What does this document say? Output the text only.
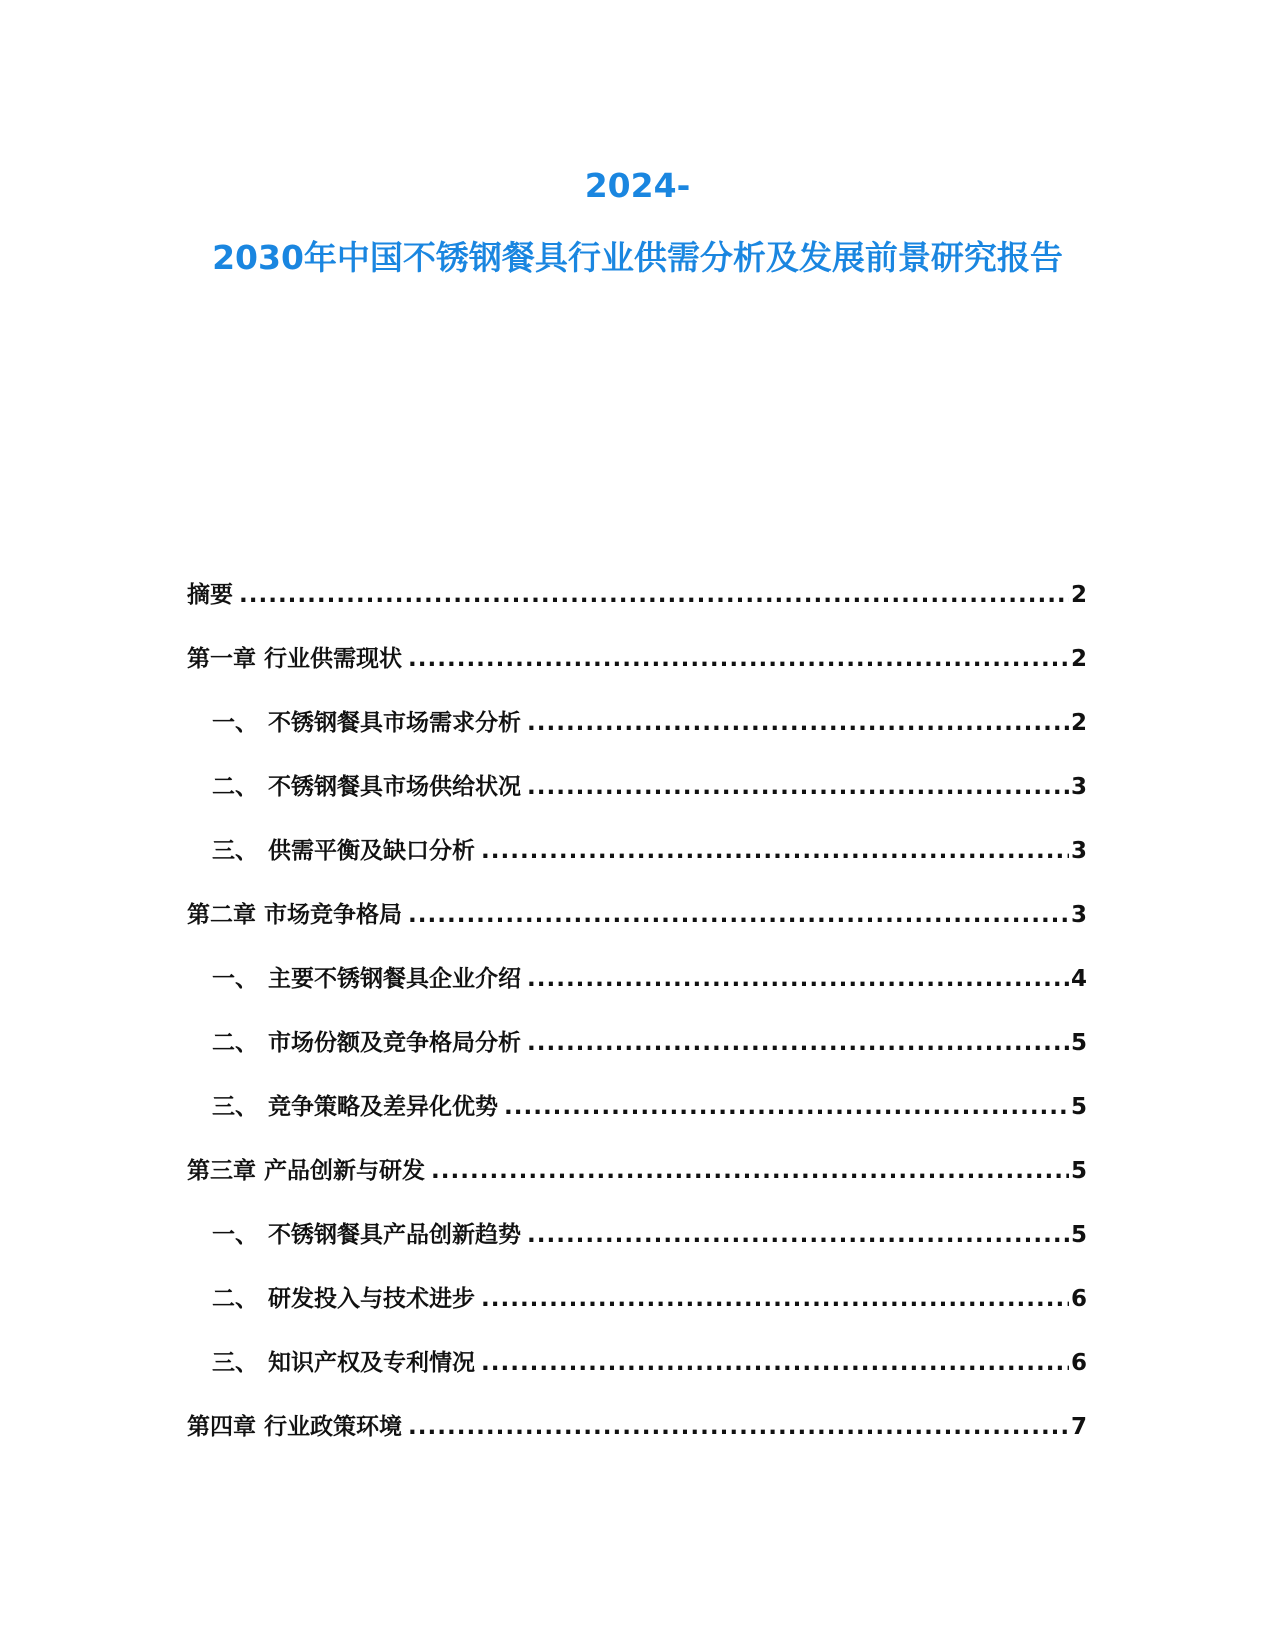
2024-
2030年中国不锈钢餐具行业供需分析及发展前景研究报告
摘要 .....	2
第一章 行业供需现状 .....	2
一、 不锈钢餐具市场需求分析 .....	2
二、 不锈钢餐具市场供给状况 .....	3
三、 供需平衡及缺口分析 .....	3
第二章 市场竞争格局 .....	3
一、 主要不锈钢餐具企业介绍 .....	4
二、 市场份额及竞争格局分析 .....	5
三、 竞争策略及差异化优势 .....	5
第三章 产品创新与研发 .....	5
一、 不锈钢餐具产品创新趋势 .....	5
二、 研发投入与技术进步 .....	6
三、 知识产权及专利情况 .....	6
第四章 行业政策环境 .....	7
